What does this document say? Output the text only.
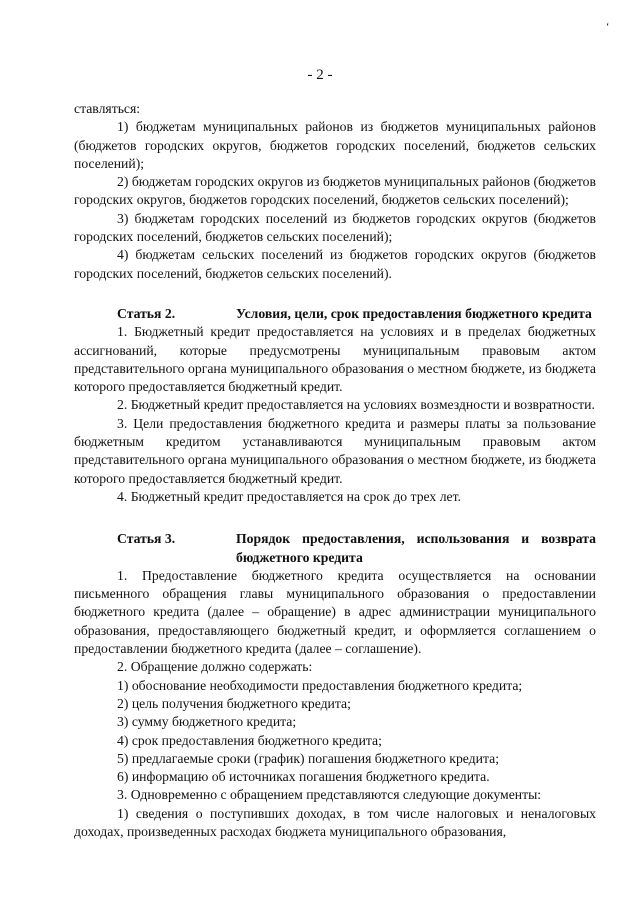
‘
- 2 -

ставляться:

1) бюджетам муниципальных районов из бюджетов муниципальных районов (бюджетов городских округов, бюджетов городских поселений, бюджетов сельских поселений);

2) бюджетам городских округов из бюджетов муниципальных районов (бюджетов городских округов, бюджетов городских поселений, бюджетов сельских поселений);

3) бюджетам городских поселений из бюджетов городских округов (бюджетов городских поселений, бюджетов сельских поселений);

4) бюджетам сельских поселений из бюджетов городских округов (бюджетов городских поселений, бюджетов сельских поселений).

Статья 2.	Условия, цели, срок предоставления бюджетного кредита

1. Бюджетный кредит предоставляется на условиях и в пределах бюджетных ассигнований, которые предусмотрены муниципальным правовым актом представительного органа муниципального образования о местном бюджете, из бюджета которого предоставляется бюджетный кредит.

2. Бюджетный кредит предоставляется на условиях возмездности и возвратности.

3. Цели предоставления бюджетного кредита и размеры платы за пользование бюджетным кредитом устанавливаются муниципальным правовым актом представительного органа муниципального образования о местном бюджете, из бюджета которого предоставляется бюджетный кредит.

4. Бюджетный кредит предоставляется на срок до трех лет.

Статья 3.	Порядок предоставления, использования и возврата бюджетного кредита

1. Предоставление бюджетного кредита осуществляется на основании письменного обращения главы муниципального образования о предоставлении бюджетного кредита (далее – обращение) в адрес администрации муниципального образования, предоставляющего бюджетный кредит, и оформляется соглашением о предоставлении бюджетного кредита (далее – соглашение).

2. Обращение должно содержать:

1) обоснование необходимости предоставления бюджетного кредита;

2) цель получения бюджетного кредита;

3) сумму бюджетного кредита;

4) срок предоставления бюджетного кредита;

5) предлагаемые сроки (график) погашения бюджетного кредита;

6) информацию об источниках погашения бюджетного кредита.

3. Одновременно с обращением представляются следующие документы:

1) сведения о поступивших доходах, в том числе налоговых и неналоговых доходах, произведенных расходах бюджета муниципального образования,
